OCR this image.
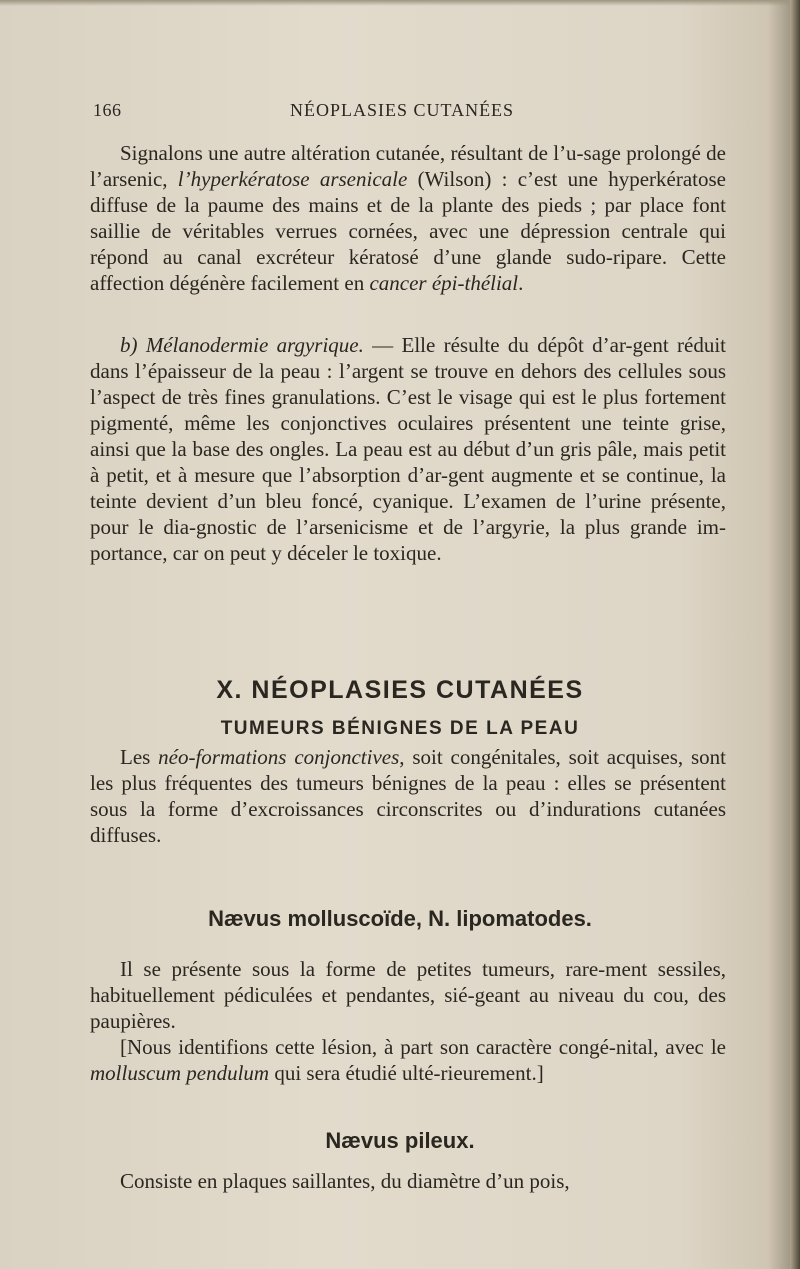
166	NÉOPLASIES CUTANÉES
Signalons une autre altération cutanée, résultant de l’u-sage prolongé de l’arsenic, l’hyperkératose arsenicale (Wilson) : c’est une hyperkératose diffuse de la paume des mains et de la plante des pieds ; par place font saillie de véritables verrues cornées, avec une dépression centrale qui répond au canal excréteur kératosé d’une glande sudo-ripare. Cette affection dégénère facilement en cancer épi-thélial.
b) Mélanodermie argyrique. — Elle résulte du dépôt d’ar-gent réduit dans l’épaisseur de la peau : l’argent se trouve en dehors des cellules sous l’aspect de très fines granulations. C’est le visage qui est le plus fortement pigmenté, même les conjonctives oculaires présentent une teinte grise, ainsi que la base des ongles. La peau est au début d’un gris pâle, mais petit à petit, et à mesure que l’absorption d’ar-gent augmente et se continue, la teinte devient d’un bleu foncé, cyanique. L’examen de l’urine présente, pour le dia-gnostic de l’arsenicisme et de l’argyrie, la plus grande im-portance, car on peut y déceler le toxique.
X. NÉOPLASIES CUTANÉES
TUMEURS BÉNIGNES DE LA PEAU
Les néo-formations conjonctives, soit congénitales, soit acquises, sont les plus fréquentes des tumeurs bénignes de la peau : elles se présentent sous la forme d’excroissances circonscrites ou d’indurations cutanées diffuses.
Nævus molluscoïde, N. lipomatodes.
Il se présente sous la forme de petites tumeurs, rare-ment sessiles, habituellement pédiculées et pendantes, sié-geant au niveau du cou, des paupières.
[Nous identifions cette lésion, à part son caractère congé-nital, avec le molluscum pendulum qui sera étudié ulté-rieurement.]
Nævus pileux.
Consiste en plaques saillantes, du diamètre d’un pois,
